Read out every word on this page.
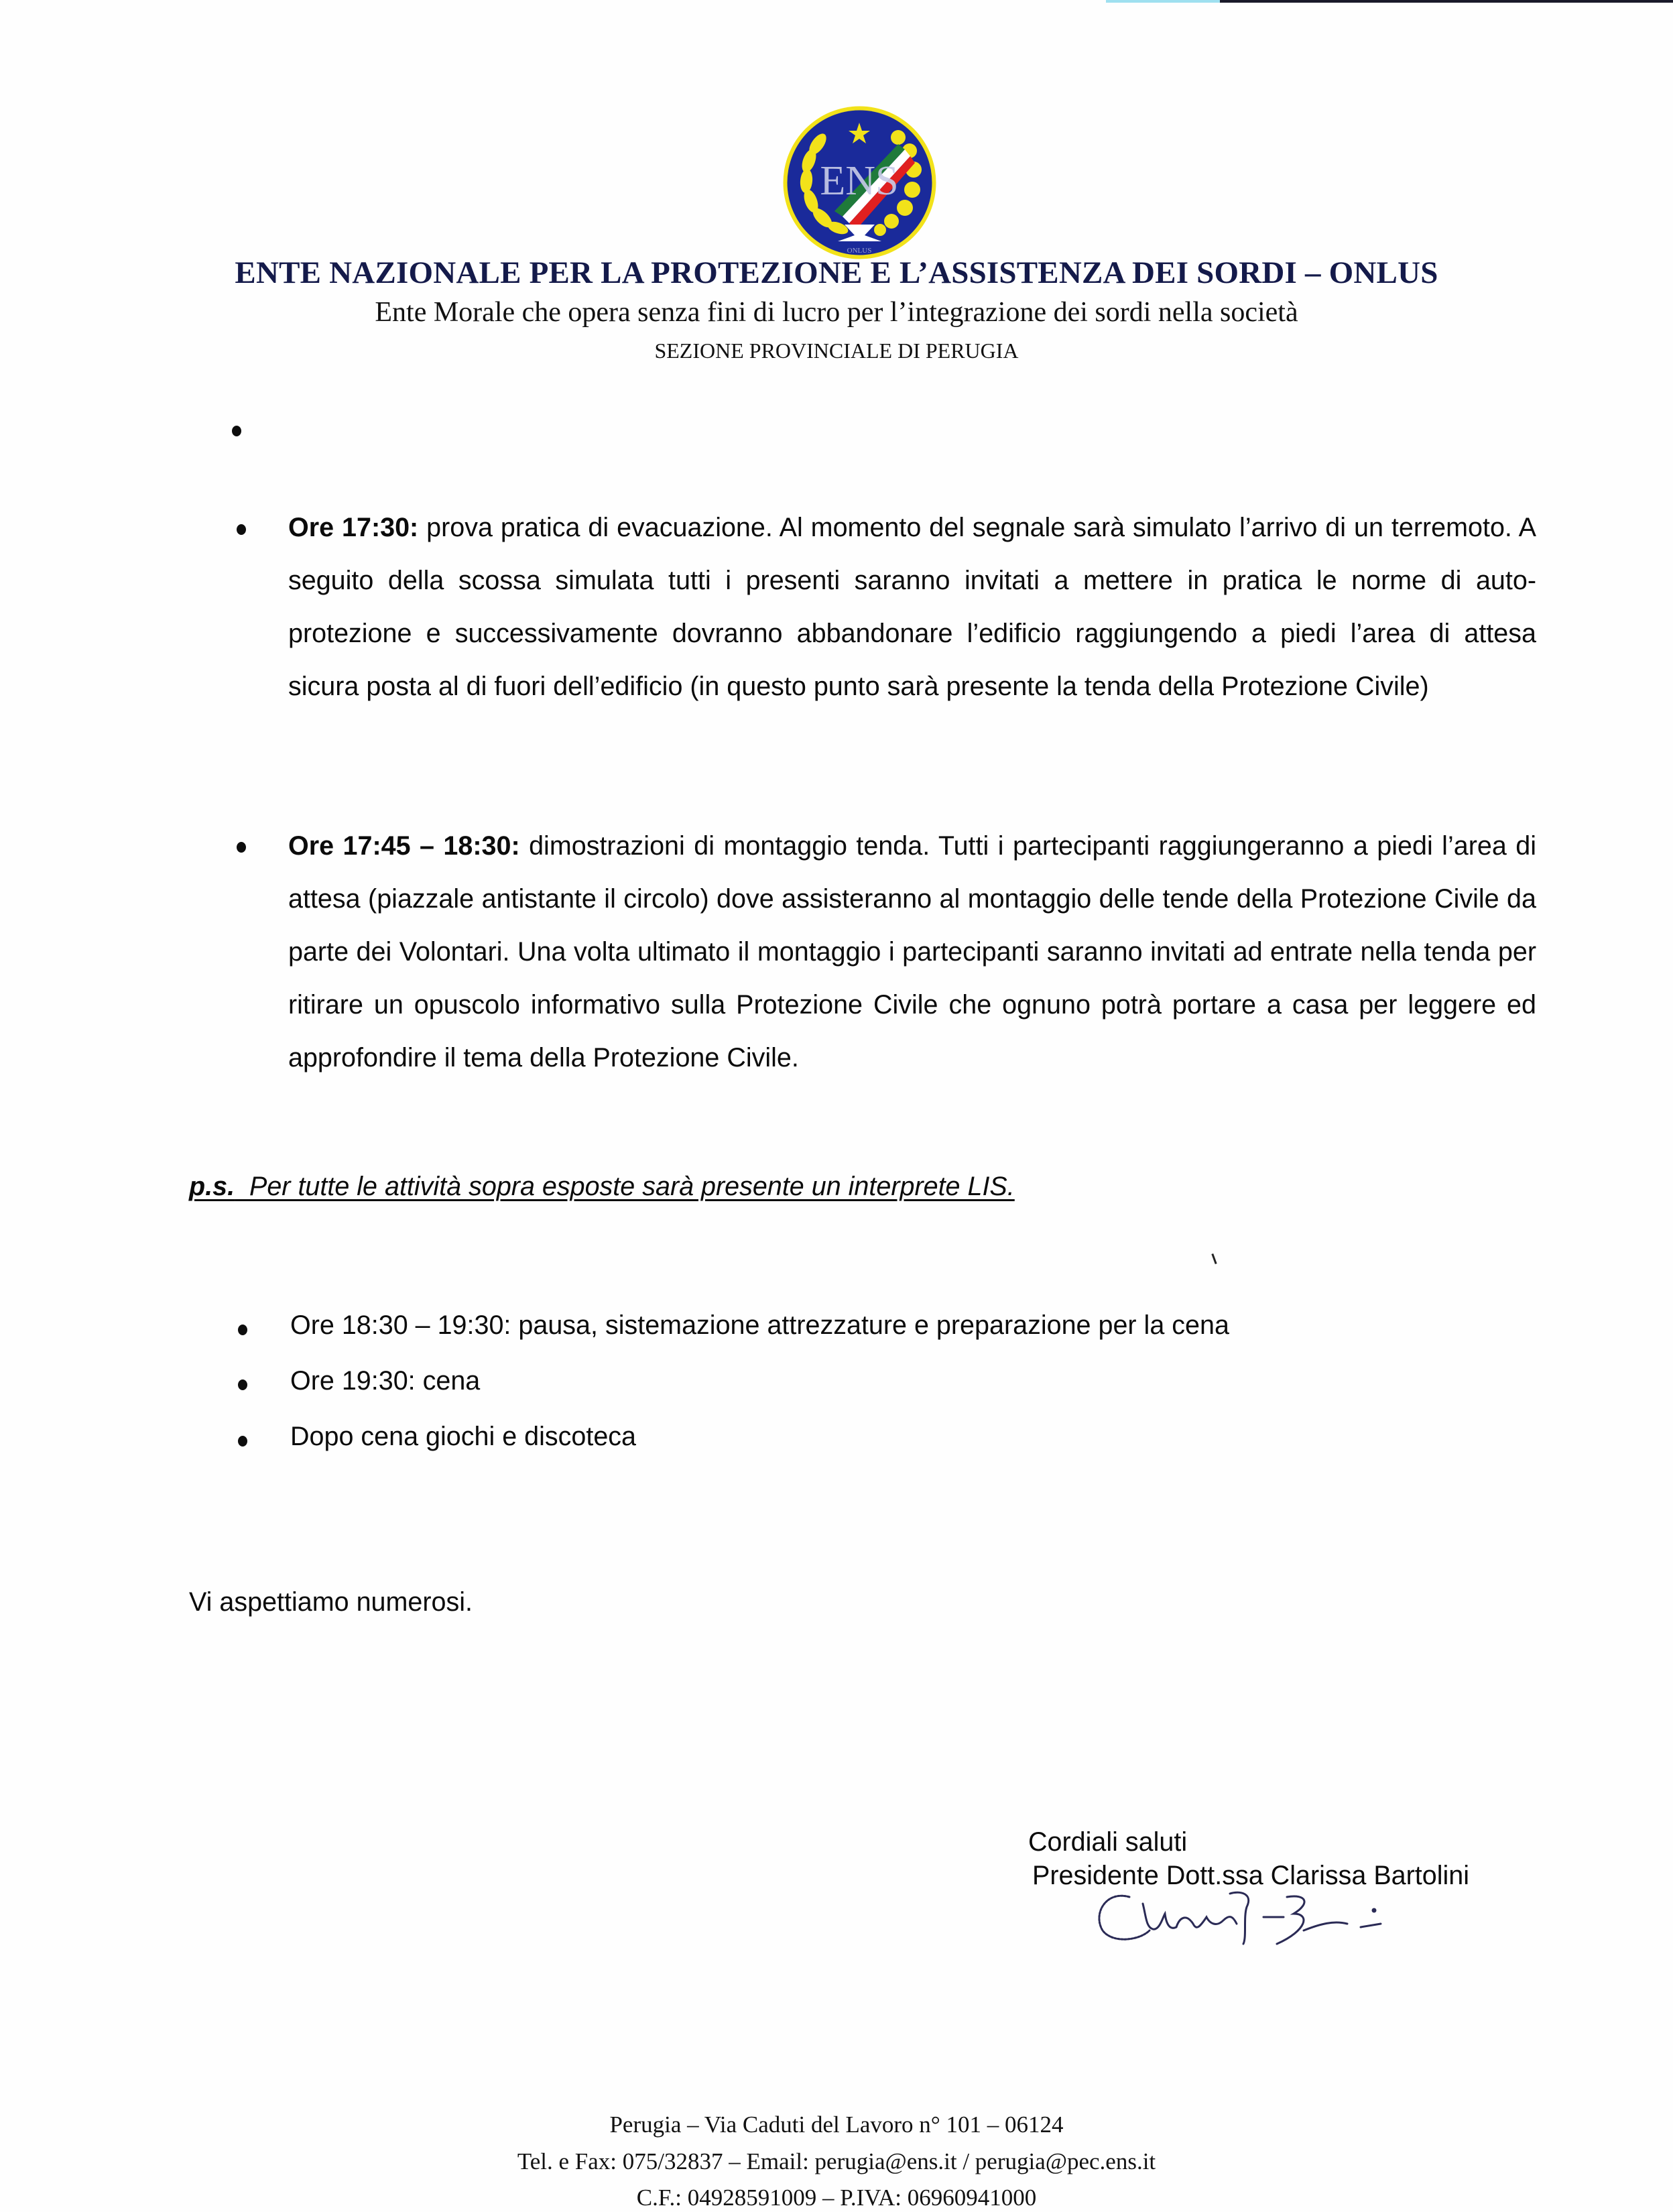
ENS
ONLUS
ENTE NAZIONALE PER LA PROTEZIONE E L’ASSISTENZA DEI SORDI – ONLUS
Ente Morale che opera senza fini di lucro per l’integrazione dei sordi nella società
SEZIONE PROVINCIALE DI PERUGIA
Ore 17:30: prova pratica di evacuazione. Al momento del segnale sarà simulato l’arrivo di un terremoto. A seguito della scossa simulata tutti i presenti saranno invitati a mettere in pratica le norme di auto-protezione e successivamente dovranno abbandonare l’edificio raggiungendo a piedi l’area di attesa sicura posta al di fuori dell’edificio (in questo punto sarà presente la tenda della Protezione Civile)
Ore 17:45 – 18:30: dimostrazioni di montaggio tenda. Tutti i partecipanti raggiungeranno a piedi l’area di attesa (piazzale antistante il circolo) dove assisteranno al montaggio delle tende della Protezione Civile da parte dei Volontari. Una volta ultimato il montaggio i partecipanti saranno invitati ad entrate nella tenda per ritirare un opuscolo informativo sulla Protezione Civile che ognuno potrà portare a casa per leggere ed approfondire il tema della Protezione Civile.
p.s.  Per tutte le attività sopra esposte sarà presente un interprete LIS.
Ore 18:30 – 19:30: pausa, sistemazione attrezzature e preparazione per la cena
Ore 19:30: cena
Dopo cena giochi e discoteca
Vi aspettiamo numerosi.
Cordiali saluti
Presidente Dott.ssa Clarissa Bartolini
Perugia – Via Caduti del Lavoro n° 101 – 06124
Tel. e Fax: 075/32837 – Email: perugia@ens.it / perugia@pec.ens.it
C.F.: 04928591009 – P.IVA: 06960941000
